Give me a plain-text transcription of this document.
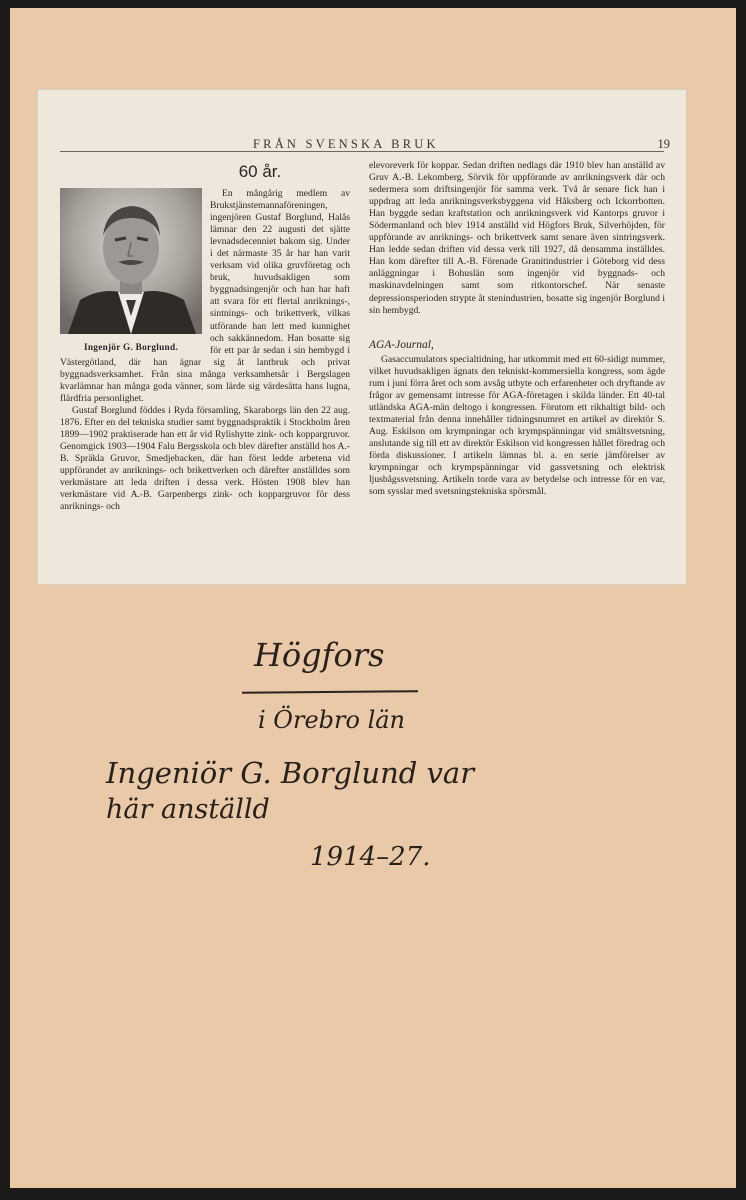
FRÅN SVENSKA BRUK	19
60 år.
Ingenjör G. Borglund.

En mångårig medlem av Brukstjänstemannaföreningen, ingenjören Gustaf Borglund, Halås lämnar den 22 augusti det sjätte levnadsdecenniet bakom sig. Under i det närmaste 35 år har han varit verksam vid olika gruvföretag och bruk, huvudsakligen som byggnadsingenjör och han har haft att svara för ett flertal anriknings-, sintnings- och brikettverk, vilkas utförande han lett med kunnighet och sakkännedom. Han bosatte sig för ett par år sedan i sin hembygd i Västergötland, där han ägnar sig åt lantbruk och privat byggnadsverksamhet. Från sina många verksamhetsår i Bergslagen kvarlämnar han många goda vänner, som lärde sig värdesätta hans lugna, flärdfria personlighet.

Gustaf Borglund föddes i Ryda församling, Skaraborgs län den 22 aug. 1876. Efter en del tekniska studier samt byggnadspraktik i Stockholm åren 1899—1902 praktiserade han ett år vid Rylishytte zink- och koppargruvor. Genomgick 1903—1904 Falu Bergsskola och blev därefter anställd hos A.-B. Spräkla Gruvor, Smedjebacken, där han först ledde arbetena vid uppförandet av anriknings- och brikettverken och därefter anställdes som verkmästare att leda driften i dessa verk. Hösten 1908 blev han verkmästare vid A.-B. Garpenbergs zink- och koppargruvor för dess anriknings- och

elevoreverk för koppar. Sedan driften nedlags där 1910 blev han anställd av Gruv A.-B. Lekomberg, Sörvik för uppförande av anrikningsverk där och sedermera som driftsingenjör för samma verk. Två år senare fick han i uppdrag att leda anrikningsverksbyggena vid Håksberg och Ickorrbotten. Han byggde sedan kraftstation och anrikningsverk vid Kantorps gruvor i Södermanland och blev 1914 anställd vid Högfors Bruk, Silverhöjden, för uppförande av anriknings- och brikettverk samt senare även sintringsverk. Han ledde sedan driften vid dessa verk till 1927, då densamma inställdes. Han kom därefter till A.-B. Förenade Granitindustrier i Göteborg vid dess anläggningar i Bohuslän som ingenjör vid byggnads- och maskinavdelningen samt som ritkontorschef. När senaste depressionsperioden strypte åt stenindustrien, bosatte sig ingenjör Borglund i sin hembygd.

AGA-Journal,

Gasaccumulators specialtidning, har utkommit med ett 60-sidigt nummer, vilket huvudsakligen ägnats den tekniskt-kommersiella kongress, som ägde rum i juni förra året och som avsåg utbyte och erfarenheter och dryftande av frågor av gemensamt intresse för AGA-företagen i skilda länder. Ett 40-tal utländska AGA-män deltogo i kongressen. Förutom ett rikhaltigt bild- och textmaterial från denna innehåller tidningsnumret en artikel av direktör S. Aug. Eskilson om krympningar och krympspänningar vid smältsvetsning, anslutande sig till ett av direktör Eskilson vid kongressen hållet föredrag och förda diskussioner. I artikeln lämnas bl. a. en serie jämförelser av krympningar och krympspänningar vid gassvetsning och elektrisk ljusbågssvetsning. Artikeln torde vara av betydelse och intresse för en var, som sysslar med svetsningstekniska spörsmål.

Högfors
i Örebro län
Ingeniör G. Borglund var
här anställd
1914–27.
